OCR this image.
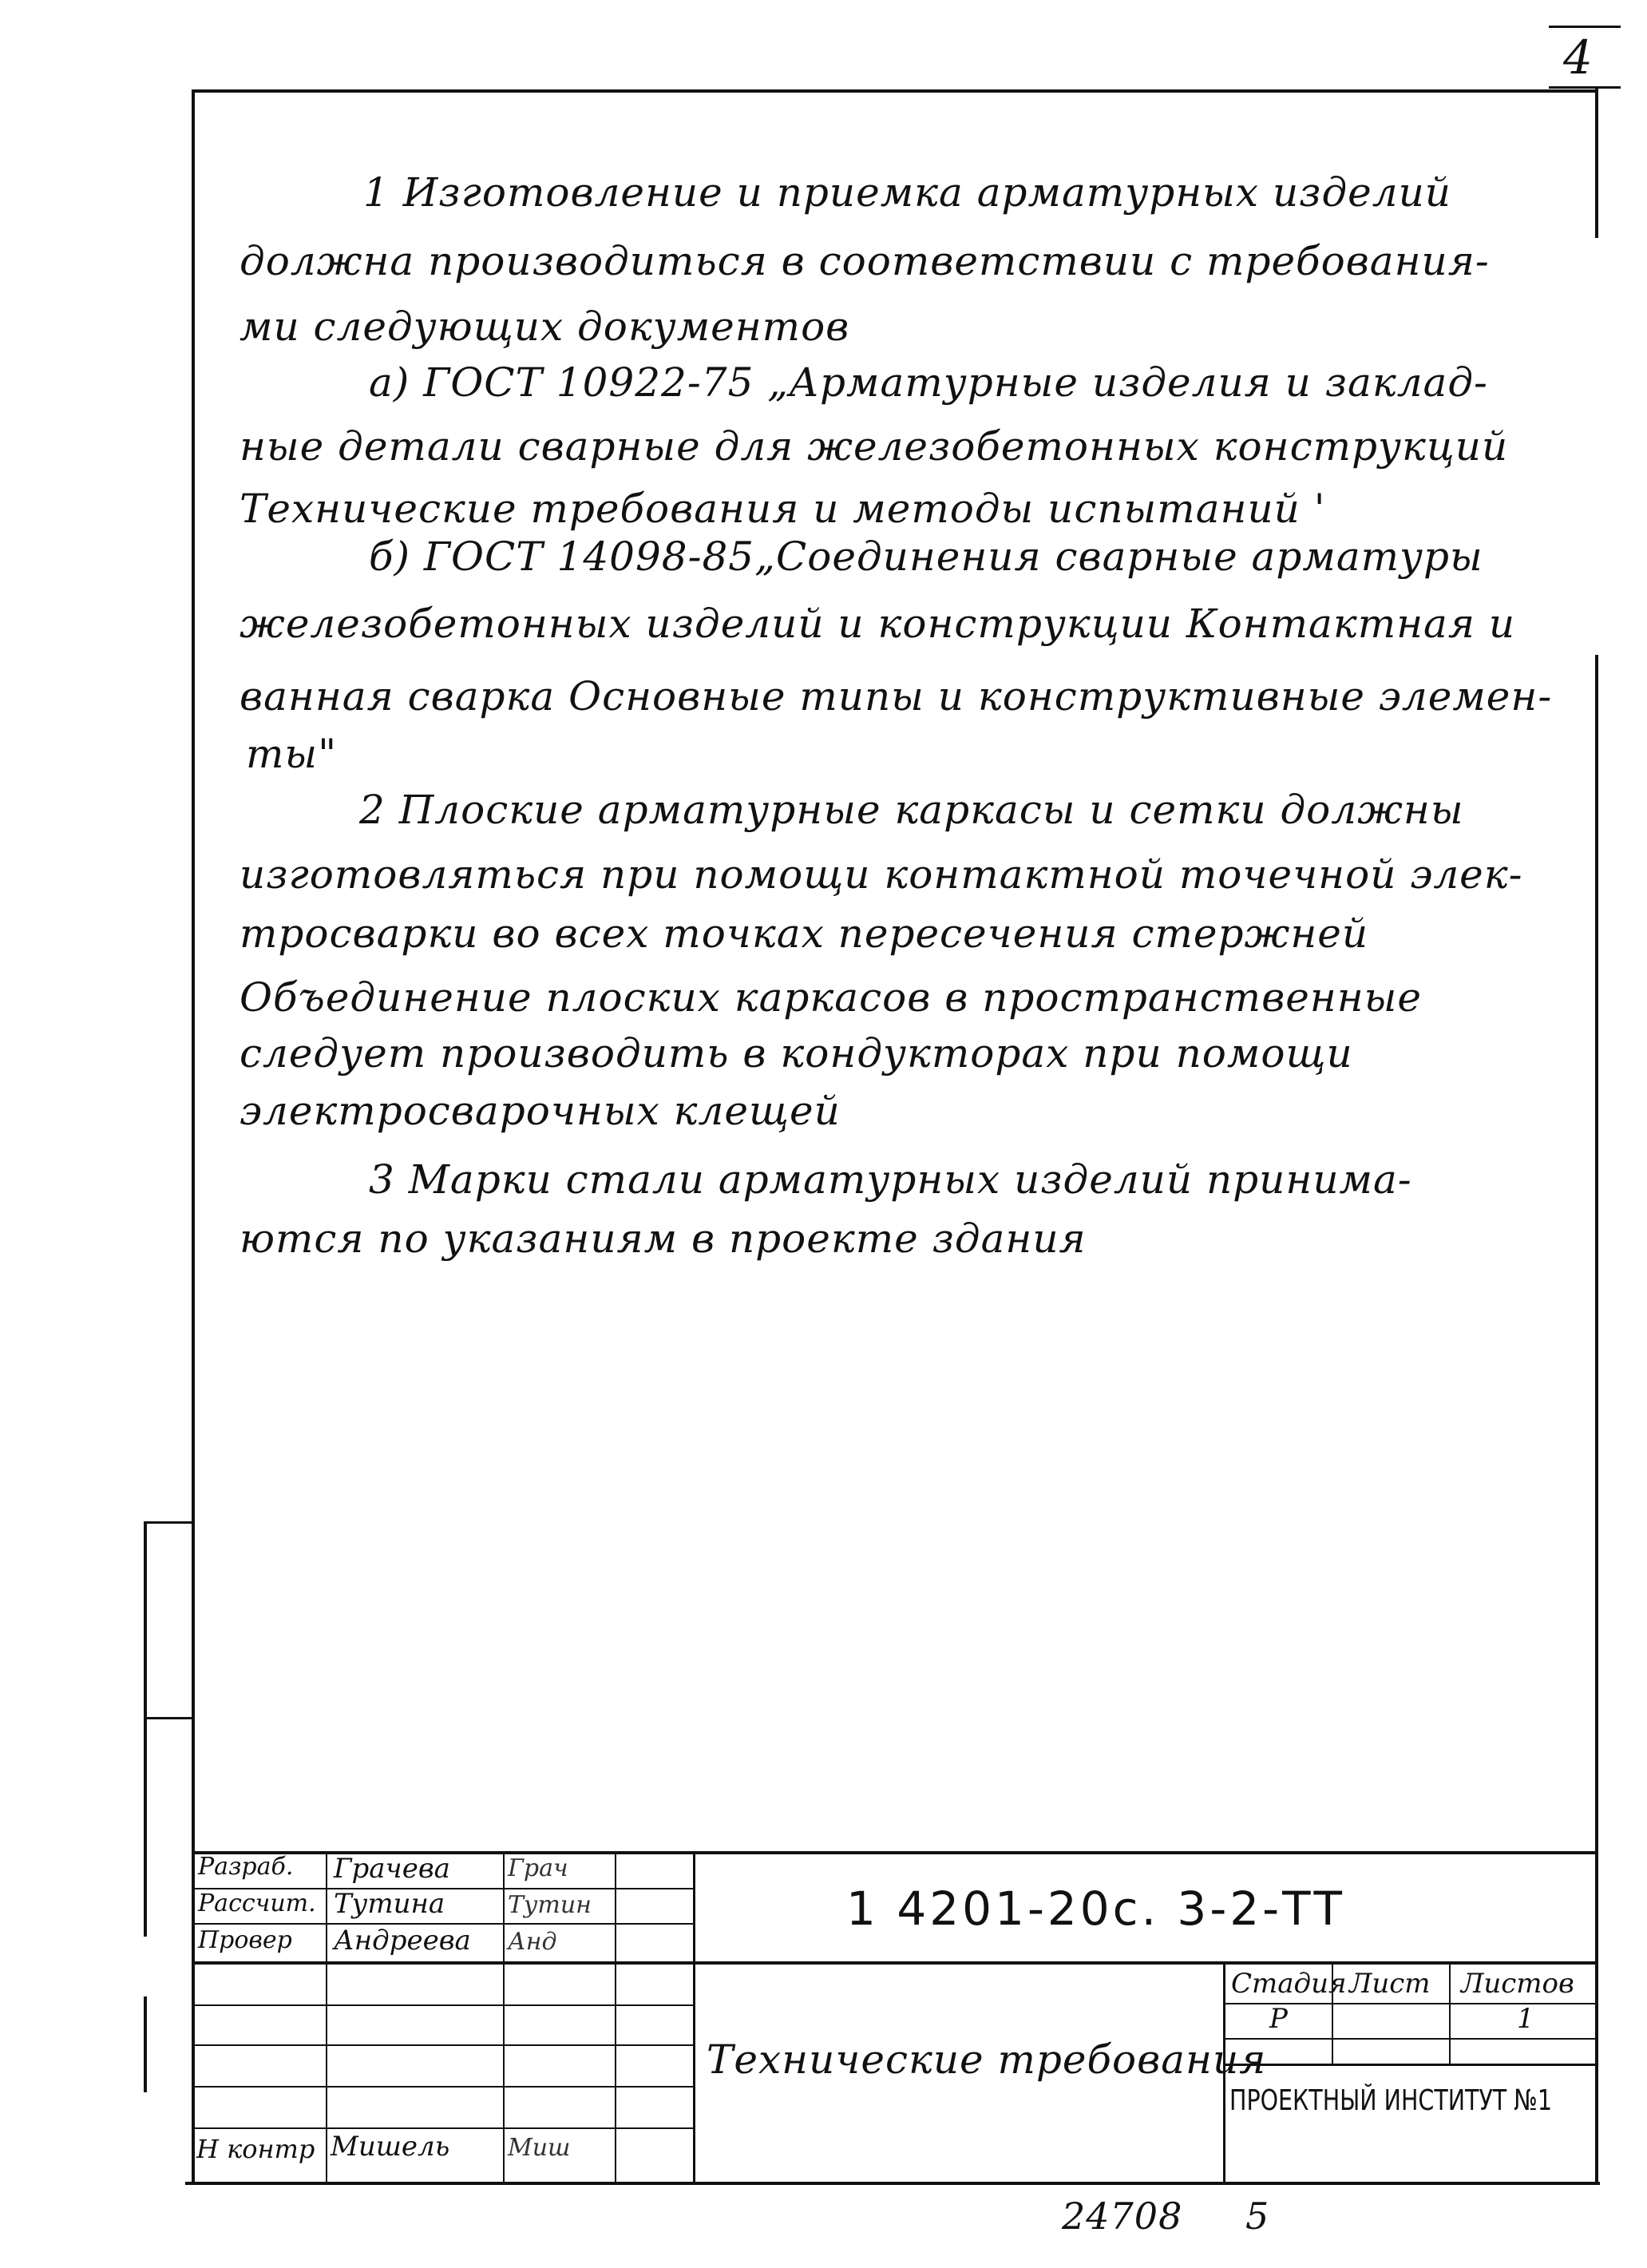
4
1 Изготовление и приемка арматурных изделий
должна производиться в соответствии с требования-
ми следующих документов
а) ГОСТ 10922-75 „Арматурные изделия и заклад-
ные детали сварные для железобетонных конструкций
Технические требования и методы испытаний '
б) ГОСТ 14098-85„Соединения сварные арматуры
железобетонных изделий и конструкции Контактная и
ванная сварка Основные типы и конструктивные элемен-
ты"
2 Плоские арматурные каркасы и сетки должны
изготовляться при помощи контактной точечной элек-
тросварки во всех точках пересечения стержней
Объединение плоских каркасов в пространственные
следует производить в кондукторах при помощи
электросварочных клещей
3 Марки стали арматурных изделий принима-
ются по указаниям в проекте здания
Разраб. Грачева Грач
Рассчит. Тутина	Тутин
Провер Андреева Анд
Н контр Мишель Миш
1 4201-20с. 3-2-ТТ
Технические требования
Стадия Лист Листов
Р	1
ПРОЕКТНЫЙ ИНСТИТУТ №1
24708 5
